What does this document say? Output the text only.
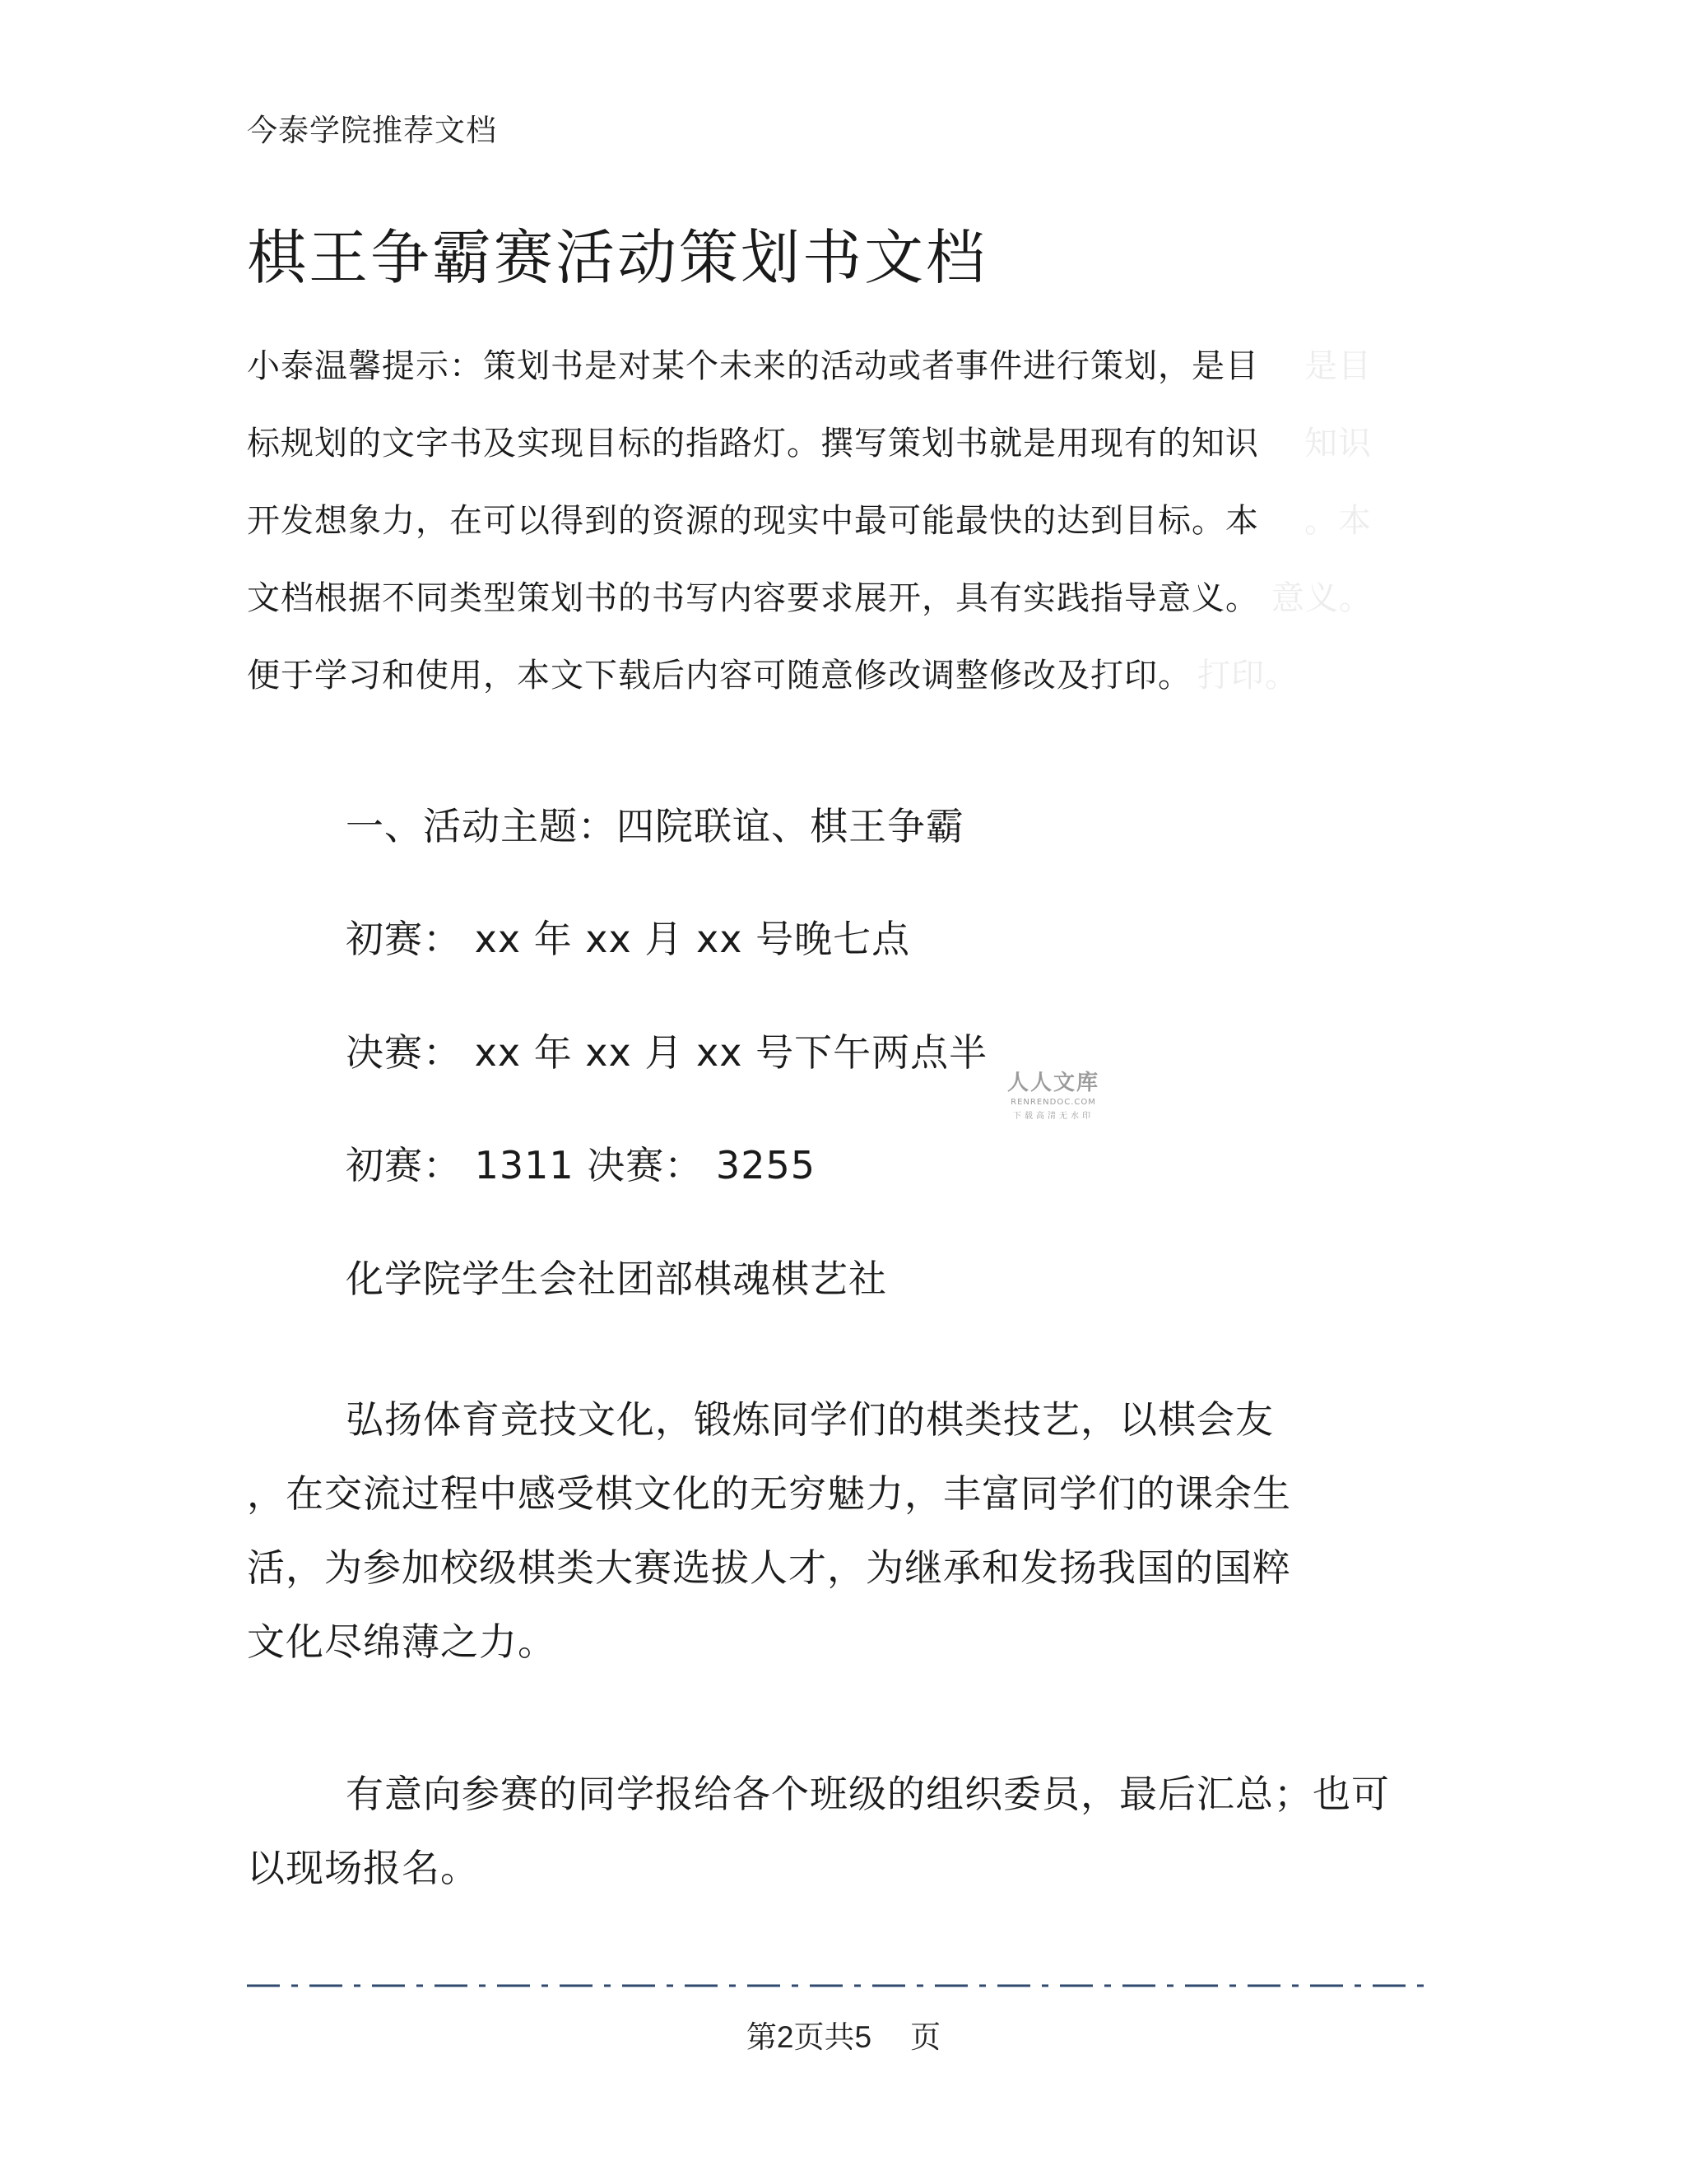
今泰学院推荐文档
棋王争霸赛活动策划书文档
是目
知识
。本
意义。
打印。
小泰温馨提示：策划书是对某个未来的活动或者事件进行策划，是目
标规划的文字书及实现目标的指路灯。撰写策划书就是用现有的知识
开发想象力，在可以得到的资源的现实中最可能最快的达到目标。本
文档根据不同类型策划书的书写内容要求展开，具有实践指导意义。
便于学习和使用，本文下载后内容可随意修改调整修改及打印。
一、活动主题：四院联谊、棋王争霸
初赛： xx 年 xx 月 xx 号晚七点
决赛： xx 年 xx 月 xx 号下午两点半
初赛： 1311 决赛： 3255
化学院学生会社团部棋魂棋艺社
人人文库
RENRENDOC.COM
下载高清无水印
弘扬体育竞技文化，锻炼同学们的棋类技艺，以棋会友
，在交流过程中感受棋文化的无穷魅力，丰富同学们的课余生
活，为参加校级棋类大赛选拔人才，为继承和发扬我国的国粹
文化尽绵薄之力。
有意向参赛的同学报给各个班级的组织委员，最后汇总；也可
以现场报名。
第2页共5 页
